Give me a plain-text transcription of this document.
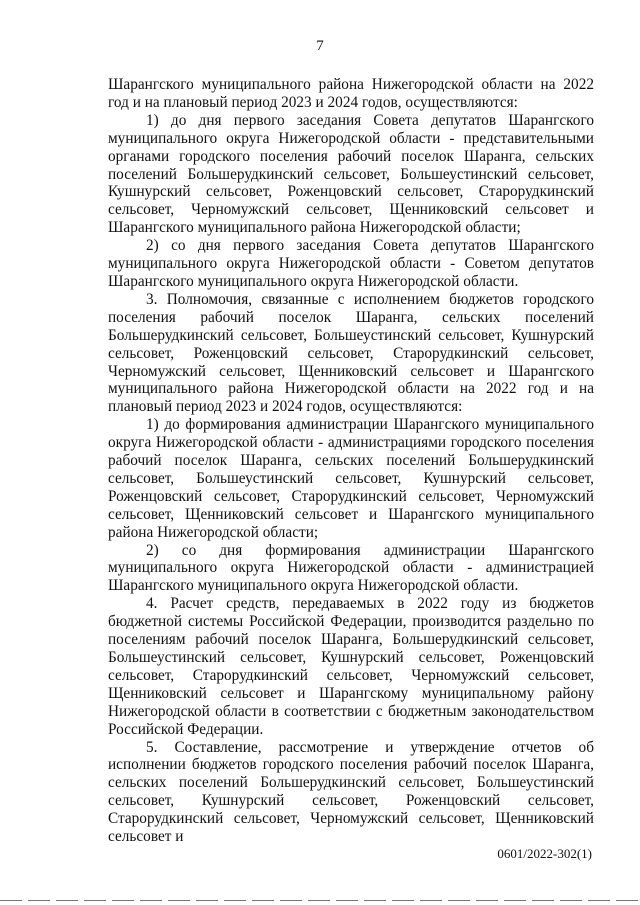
7

Шарангского муниципального района Нижегородской области на 2022 год и на плановый период 2023 и 2024 годов, осуществляются:

1) до дня первого заседания Совета депутатов Шарангского муниципального округа Нижегородской области - представительными органами городского поселения рабочий поселок Шаранга, сельских поселений Большерудкинский сельсовет, Большеустинский сельсовет, Кушнурский сельсовет, Роженцовский сельсовет, Старорудкинский сельсовет, Черномужский сельсовет, Щенниковский сельсовет и Шарангского муниципального района Нижегородской области;

2) со дня первого заседания Совета депутатов Шарангского муниципального округа Нижегородской области - Советом депутатов Шарангского муниципального округа Нижегородской области.

3. Полномочия, связанные с исполнением бюджетов городского поселения рабочий поселок Шаранга, сельских поселений Большерудкинский сельсовет, Большеустинский сельсовет, Кушнурский сельсовет, Роженцовский сельсовет, Старорудкинский сельсовет, Черномужский сельсовет, Щенниковский сельсовет и Шарангского муниципального района Нижегородской области на 2022 год и на плановый период 2023 и 2024 годов, осуществляются:

1) до формирования администрации Шарангского муниципального округа Нижегородской области - администрациями городского поселения рабочий поселок Шаранга, сельских поселений Большерудкинский сельсовет, Большеустинский сельсовет, Кушнурский сельсовет, Роженцовский сельсовет, Старорудкинский сельсовет, Черномужский сельсовет, Щенниковский сельсовет и Шарангского муниципального района Нижегородской области;

2) со дня формирования администрации Шарангского муниципального округа Нижегородской области - администрацией Шарангского муниципального округа Нижегородской области.

4. Расчет средств, передаваемых в 2022 году из бюджетов бюджетной системы Российской Федерации, производится раздельно по поселениям рабочий поселок Шаранга, Большерудкинский сельсовет, Большеустинский сельсовет, Кушнурский сельсовет, Роженцовский сельсовет, Старорудкинский сельсовет, Черномужский сельсовет, Щенниковский сельсовет и Шарангскому муниципальному району Нижегородской области в соответствии с бюджетным законодательством Российской Федерации.

5. Составление, рассмотрение и утверждение отчетов об исполнении бюджетов городского поселения рабочий поселок Шаранга, сельских поселений Большерудкинский сельсовет, Большеустинский сельсовет, Кушнурский сельсовет, Роженцовский сельсовет, Старорудкинский сельсовет, Черномужский сельсовет, Щенниковский сельсовет и

0601/2022-302(1)
